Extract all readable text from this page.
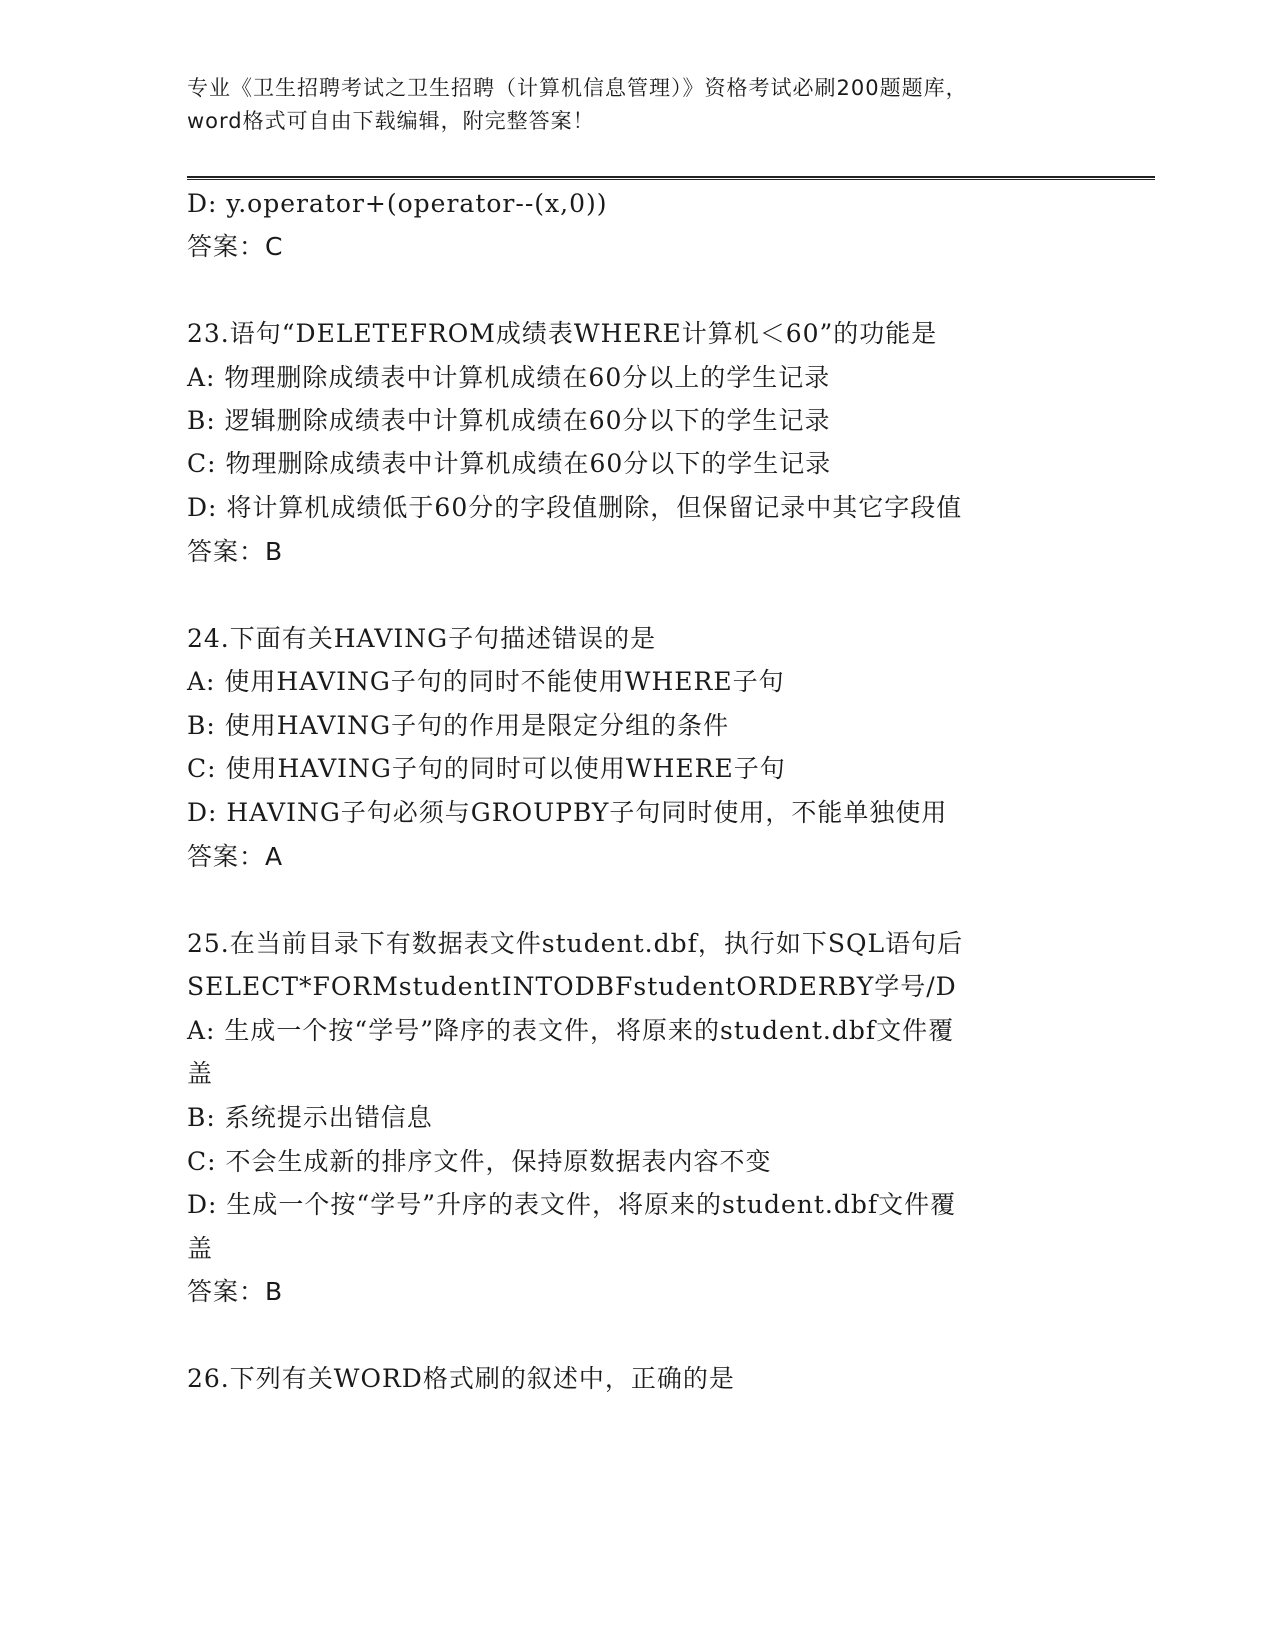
专业《卫生招聘考试之卫生招聘（计算机信息管理）》资格考试必刷200题题库，
word格式可自由下载编辑，附完整答案！
D: y.operator+(operator--(x,0))
答案：C
23.语句“DELETEFROM成绩表WHERE计算机＜60”的功能是
A: 物理删除成绩表中计算机成绩在60分以上的学生记录
B: 逻辑删除成绩表中计算机成绩在60分以下的学生记录
C: 物理删除成绩表中计算机成绩在60分以下的学生记录
D: 将计算机成绩低于60分的字段值删除，但保留记录中其它字段值
答案：B
24.下面有关HAVING子句描述错误的是
A: 使用HAVING子句的同时不能使用WHERE子句
B: 使用HAVING子句的作用是限定分组的条件
C: 使用HAVING子句的同时可以使用WHERE子句
D: HAVING子句必须与GROUPBY子句同时使用，不能单独使用
答案：A
25.在当前目录下有数据表文件student.dbf，执行如下SQL语句后
SELECT*FORMstudentINTODBFstudentORDERBY学号/D
A: 生成一个按“学号”降序的表文件，将原来的student.dbf文件覆
盖
B: 系统提示出错信息
C: 不会生成新的排序文件，保持原数据表内容不变
D: 生成一个按“学号”升序的表文件，将原来的student.dbf文件覆
盖
答案：B
26.下列有关WORD格式刷的叙述中，正确的是
